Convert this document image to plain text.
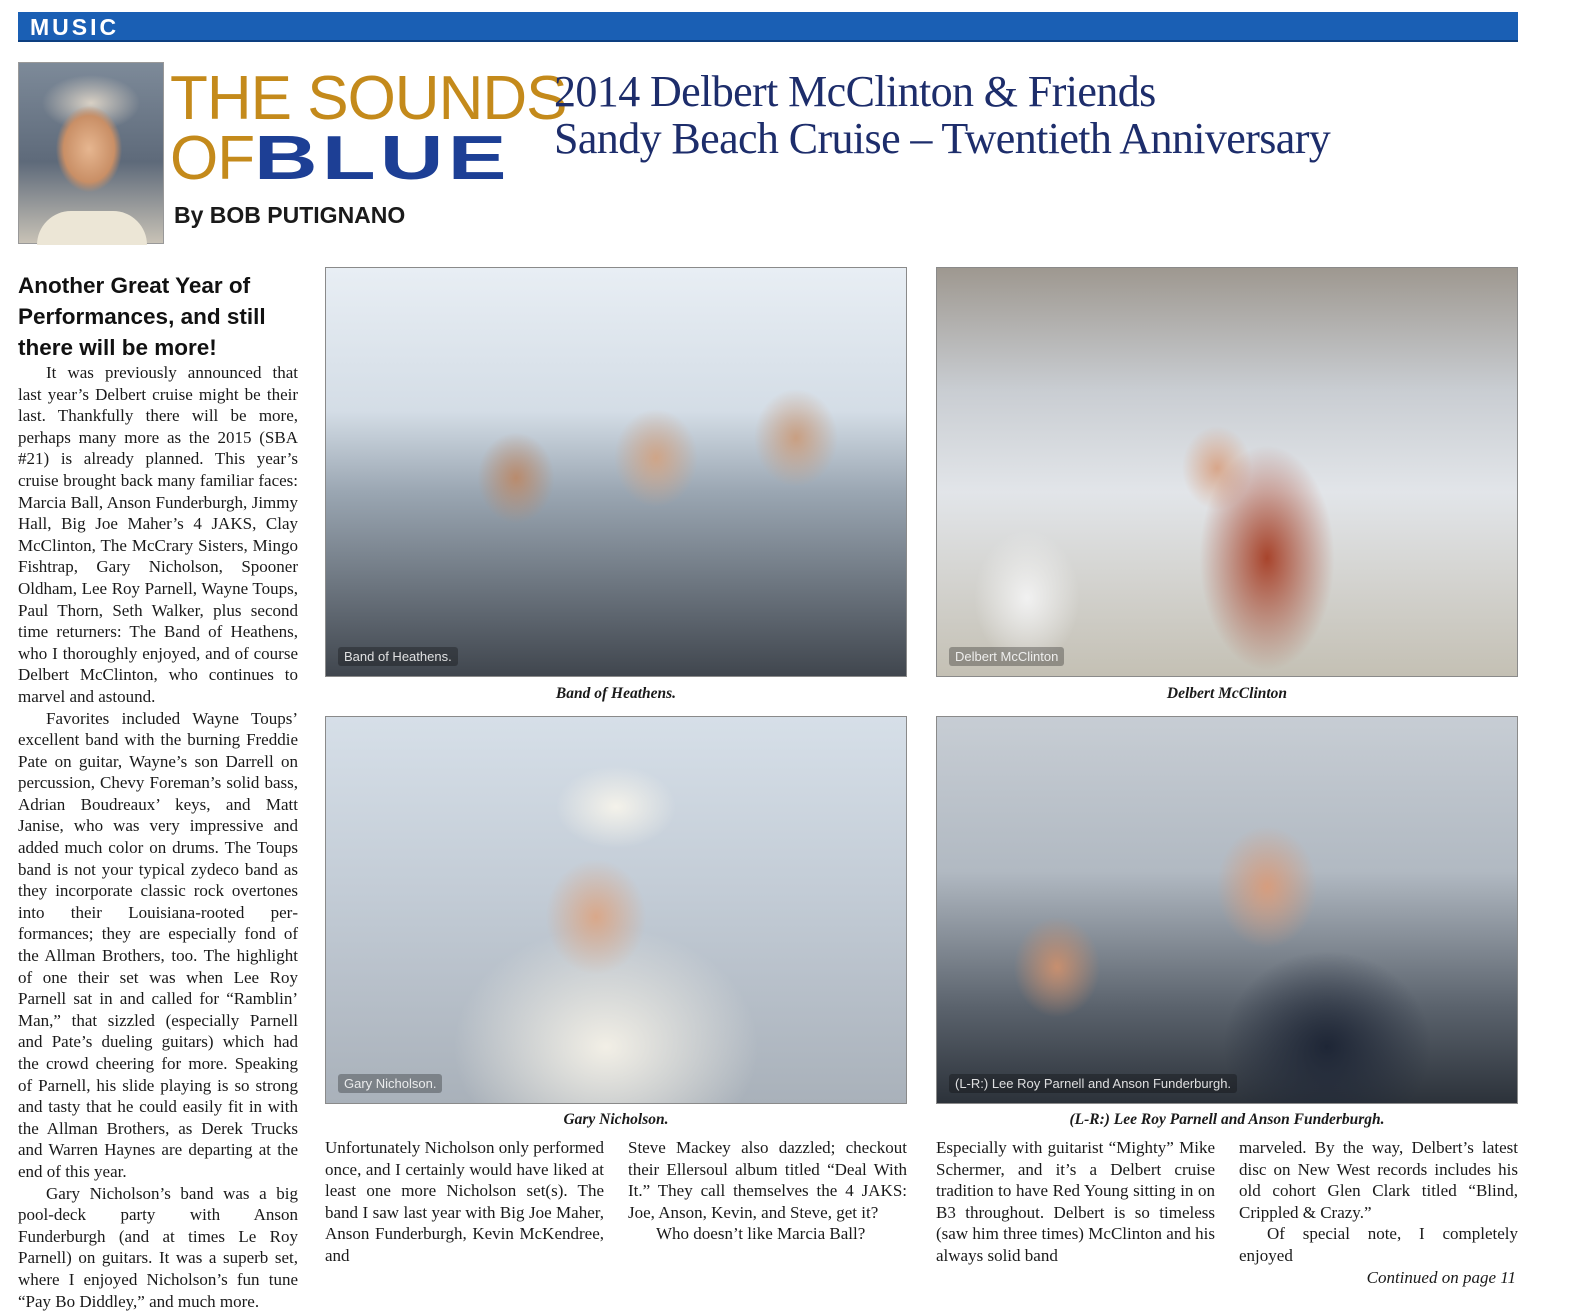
MUSIC
THE SOUNDS
OFBLUE
By BOB PUTIGNANO
2014 Delbert McClinton & Friends
Sandy Beach Cruise – Twentieth Anniversary
Another Great Year of Performances, and still there will be more!

It was previously announced that last year’s Delbert cruise might be their last. Thankfully there will be more, perhaps many more as the 2015 (SBA #21) is already planned. This year’s cruise brought back many familiar faces: Marcia Ball, Anson Funderburgh, Jimmy Hall, Big Joe Maher’s 4 JAKS, Clay McClinton, The McCrary Sisters, Mingo Fishtrap, Gary Nicholson, Spooner Oldham, Lee Roy Parnell, Wayne Toups, Paul Thorn, Seth Walker, plus second time returners: The Band of Heathens, who I thoroughly enjoyed, and of course Delbert McClinton, who continues to marvel and astound.

Favorites included Wayne Toups’ excellent band with the burning Freddie Pate on guitar, Wayne’s son Darrell on percussion, Chevy Foreman’s solid bass, Adrian Boudreaux’ keys, and Matt Janise, who was very impressive and added much color on drums. The Toups band is not your typical zydeco band as they incorporate classic rock overtones into their Louisiana-rooted performances; they are especially fond of the Allman Brothers, too. The highlight of one their set was when Lee Roy Parnell sat in and called for “Ramblin’ Man,” that sizzled (especially Parnell and Pate’s dueling guitars) which had the crowd cheering for more. Speaking of Parnell, his slide playing is so strong and tasty that he could easily fit in with the Allman Brothers, as Derek Trucks and Warren Haynes are departing at the end of this year.

Gary Nicholson’s band was a big pool-deck party with Anson Funderburgh (and at times Le Roy Parnell) on guitars. It was a superb set, where I enjoyed Nicholson’s fun tune “Pay Bo Diddley,” and much more.

Band of Heathens.
Band of Heathens.
Delbert McClinton
Delbert McClinton
Gary Nicholson.
Gary Nicholson.
(L-R:) Lee Roy Parnell and Anson Funderburgh.
(L-R:) Lee Roy Parnell and Anson Funderburgh.

Unfortunately Nicholson only performed once, and I certainly would have liked at least one more Nicholson set(s). The band I saw last year with Big Joe Maher, Anson Funderburgh, Kevin McKendree, and

Steve Mackey also dazzled; checkout their Ellersoul album titled “Deal With It.” They call themselves the 4 JAKS: Joe, Anson, Kevin, and Steve, get it?

Who doesn’t like Marcia Ball?

Especially with guitarist “Mighty” Mike Schermer, and it’s a Delbert cruise tradition to have Red Young sitting in on B3 throughout. Delbert is so timeless (saw him three times) McClinton and his always solid band

marveled. By the way, Delbert’s latest disc on New West records includes his old cohort Glen Clark titled “Blind, Crippled & Crazy.”

Of special note, I completely enjoyed

Continued on page 11
